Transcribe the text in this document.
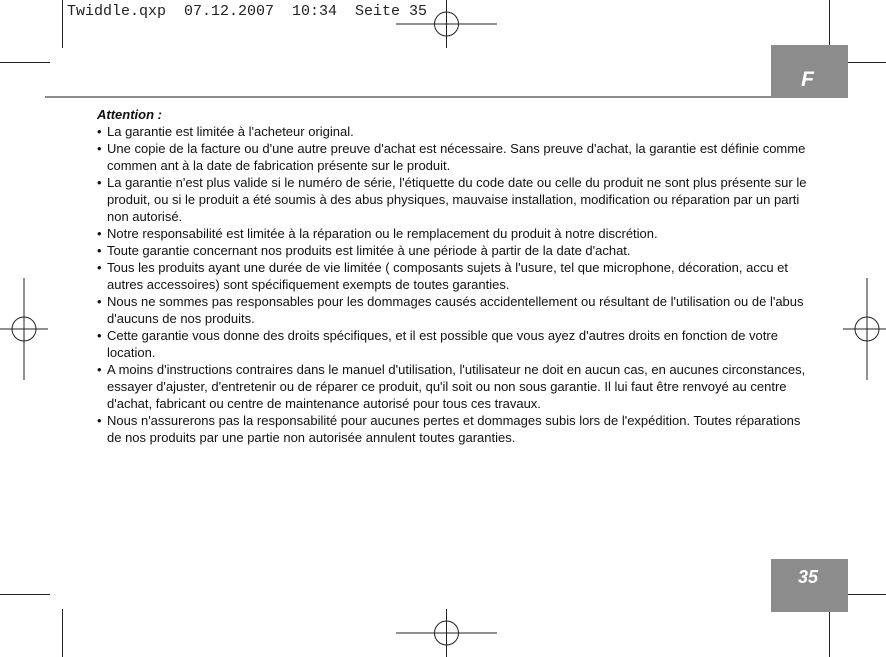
Twiddle.qxp  07.12.2007  10:34  Seite 35
F
35

Attention :

• La garantie est limitée à l'acheteur original.

• Une copie de la facture ou d'une autre preuve d'achat est nécessaire. Sans preuve d'achat, la garantie est définie comme commen ant à la date de fabrication présente sur le produit.

• La garantie n'est plus valide si le numéro de série, l'étiquette du code date ou celle du produit ne sont plus présente sur le produit, ou si le produit a été soumis à des abus physiques, mauvaise installation, modification ou réparation par un parti non autorisé.

• Notre responsabilité est limitée à la réparation ou le remplacement du produit à notre discrétion.

• Toute garantie concernant nos produits est limitée à une période à partir de la date d'achat.

• Tous les produits ayant une durée de vie limitée ( composants sujets à l'usure, tel que microphone, décoration, accu et autres accessoires) sont spécifiquement exempts de toutes garanties.

• Nous ne sommes pas responsables pour les dommages causés accidentellement ou résultant de l'utilisation ou de l'abus d'aucuns de nos produits.

• Cette garantie vous donne des droits spécifiques, et il est possible que vous ayez d'autres droits en fonction de votre location.

• A moins d'instructions contraires dans le manuel d'utilisation, l'utilisateur ne doit en aucun cas, en aucunes circonstances, essayer d'ajuster, d'entretenir ou de réparer ce produit, qu'il soit ou non sous garantie. Il lui faut être renvoyé au centre d'achat, fabricant ou centre de maintenance autorisé pour tous ces travaux.

• Nous n'assurerons pas la responsabilité pour aucunes pertes et dommages subis lors de l'expédition. Toutes réparations de nos produits par une partie non autorisée annulent toutes garanties.
